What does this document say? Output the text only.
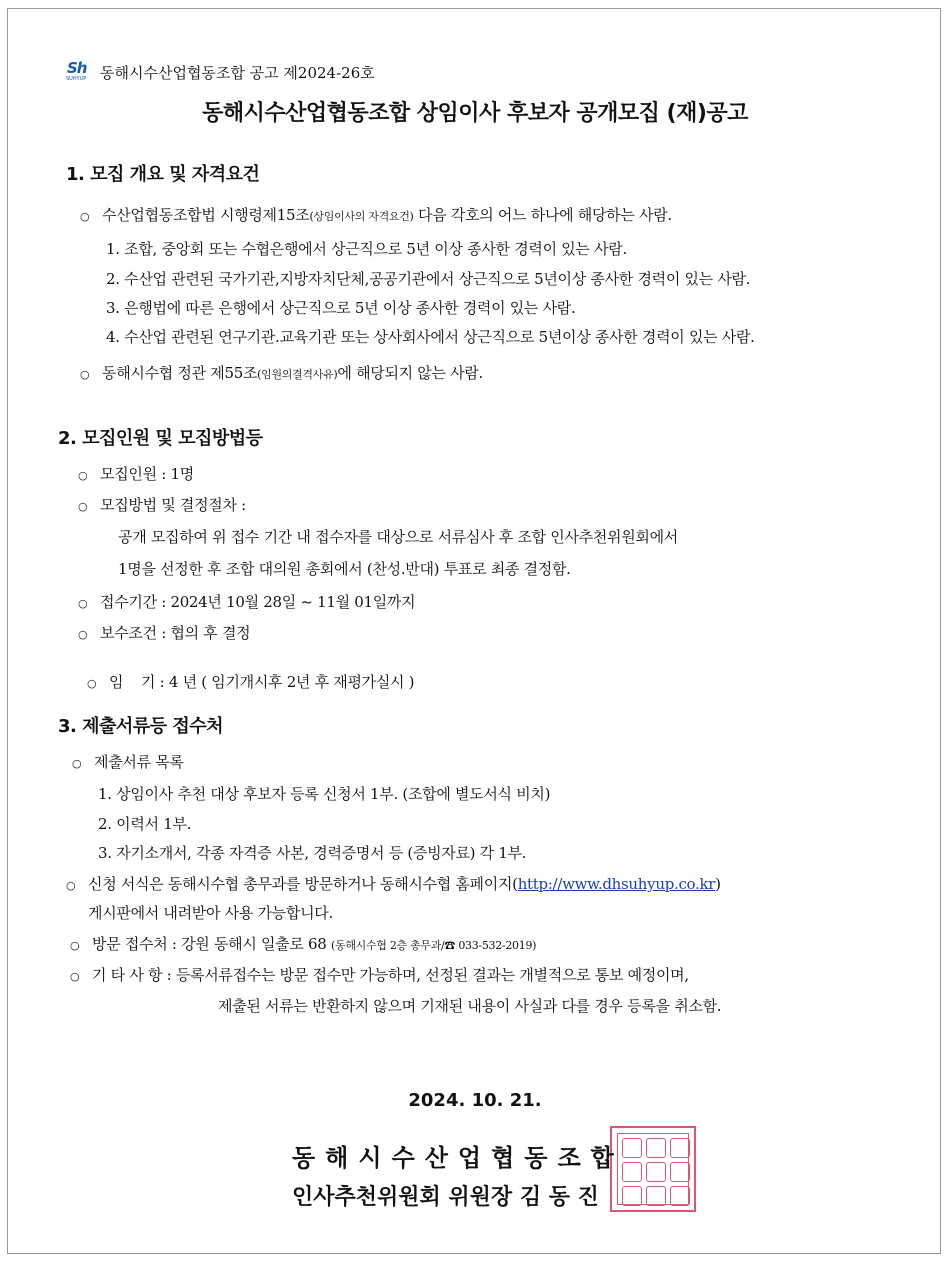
Sh
SUHYUP 동해시수산업협동조합 공고 제2024-26호
동해시수산업협동조합 상임이사 후보자 공개모집 (재)공고
1. 모집 개요 및 자격요건
○ 수산업협동조합법 시행령제15조(상임이사의 자격요건) 다음 각호의 어느 하나에 해당하는 사람.
1. 조합, 중앙회 또는 수협은행에서 상근직으로 5년 이상 종사한 경력이 있는 사람.
2. 수산업 관련된 국가기관,지방자치단체,공공기관에서 상근직으로 5년이상 종사한 경력이 있는 사람.
3. 은행법에 따른 은행에서 상근직으로 5년 이상 종사한 경력이 있는 사람.
4. 수산업 관련된 연구기관.교육기관 또는 상사회사에서 상근직으로 5년이상 종사한 경력이 있는 사람.
○ 동해시수협 정관 제55조(임원의결격사유)에 해당되지 않는 사람.
2. 모집인원 및 모집방법등
○ 모집인원 : 1명
○ 모집방법 및 결정절차 :
공개 모집하여 위 접수 기간 내 접수자를 대상으로 서류심사 후 조합 인사추천위원회에서
1명을 선정한 후 조합 대의원 총회에서 (찬성.반대) 투표로 최종 결정함.
○ 접수기간 : 2024년 10월 28일 ~ 11월 01일까지
○ 보수조건 : 협의 후 결정

○ 임    기 : 4 년 ( 임기개시후 2년 후 재평가실시 )

3. 제출서류등 접수처
○ 제출서류 목록
1. 상임이사 추천 대상 후보자 등록 신청서 1부. (조합에 별도서식 비치)
2. 이력서 1부.
3. 자기소개서, 각종 자격증 사본, 경력증명서 등 (증빙자료) 각 1부.
○ 신청 서식은 동해시수협 총무과를 방문하거나 동해시수협 홈페이지(http://www.dhsuhyup.co.kr)
게시판에서 내려받아 사용 가능합니다.
○ 방문 접수처 : 강원 동해시 일출로 68 (동해시수협 2층 총무과/☎ 033-532-2019)
○ 기 타 사 항 : 등록서류접수는 방문 접수만 가능하며, 선정된 결과는 개별적으로 통보 예정이며,
제출된 서류는 반환하지 않으며 기재된 내용이 사실과 다를 경우 등록을 취소함.
2024. 10. 21.
동해시수산업협동조합
인사추천위원회 위원장 김 동 진
